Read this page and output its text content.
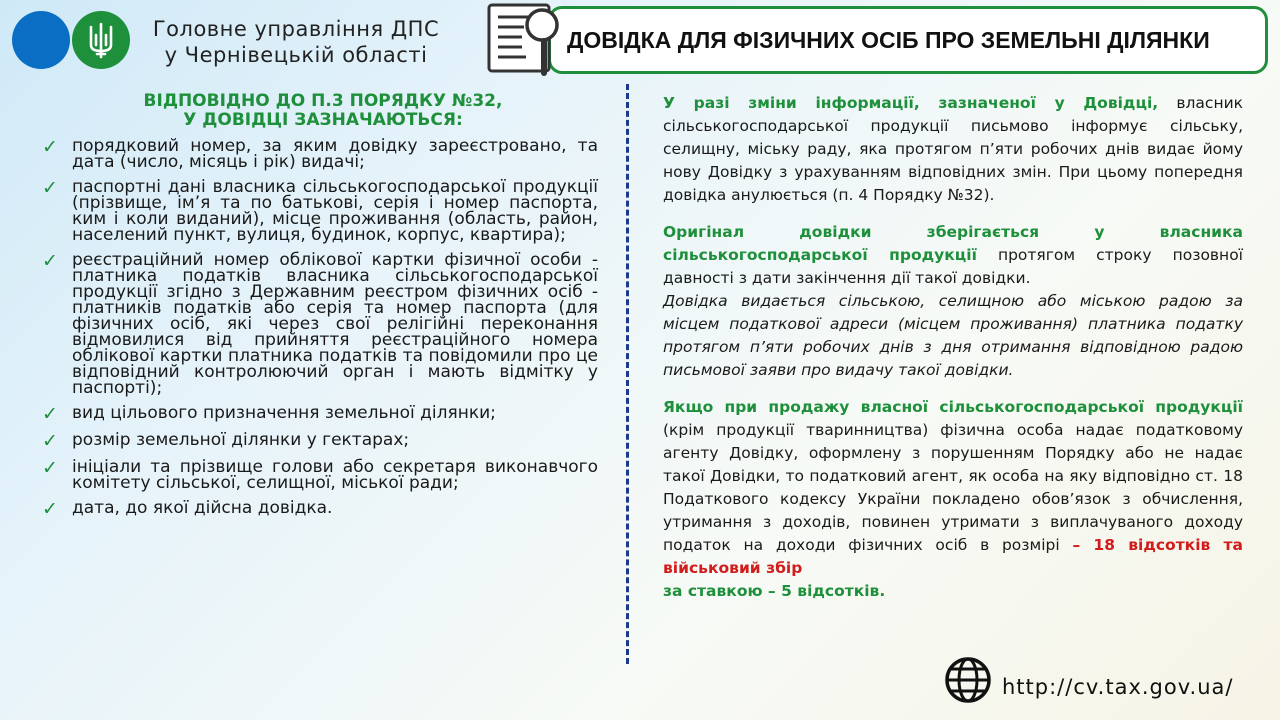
Головне управління ДПС
у Чернівецькій області
ДОВІДКА ДЛЯ ФІЗИЧНИХ ОСІБ ПРО ЗЕМЕЛЬНІ ДІЛЯНКИ
ВІДПОВІДНО ДО П.3 ПОРЯДКУ №32,
У ДОВІДЦІ ЗАЗНАЧАЮТЬСЯ:
✓ порядковий номер, за яким довідку зареєстровано, та дата (число, місяць і рік) видачі;
✓ паспортні дані власника сільськогосподарської продукції (прізвище, ім’я та по батькові, серія і номер паспорта, ким і коли виданий), місце проживання (область, район, населений пункт, вулиця, будинок, корпус, квартира);
✓ реєстраційний номер облікової картки фізичної особи - платника податків власника сільськогосподарської продукції згідно з Державним реєстром фізичних осіб - платників податків або серія та номер паспорта (для фізичних осіб, які через свої релігійні переконання відмовилися від прийняття реєстраційного номера облікової картки платника податків та повідомили про це відповідний контролюючий орган і мають відмітку у паспорті);
✓ вид цільового призначення земельної ділянки;
✓ розмір земельної ділянки у гектарах;
✓ ініціали та прізвище голови або секретаря виконавчого комітету сільської, селищної, міської ради;
✓ дата, до якої дійсна довідка.
У разі зміни інформації, зазначеної у Довідці, власник сільськогосподарської продукції письмово інформує сільську, селищну, міську раду, яка протягом п’яти робочих днів видає йому нову Довідку з урахуванням відповідних змін. При цьому попередня довідка анулюється (п. 4 Порядку №32).
Оригінал довідки зберігається у власника сільськогосподарської продукції протягом строку позовної давності з дати закінчення дії такої довідки.
Довідка видається сільською, селищною або міською радою за місцем податкової адреси (місцем проживання) платника податку протягом п’яти робочих днів з дня отримання відповідною радою письмової заяви про видачу такої довідки.
Якщо при продажу власної сільськогосподарської продукції (крім продукції тваринництва) фізична особа надає податковому агенту Довідку, оформлену з порушенням Порядку або не надає такої Довідки, то податковий агент, як особа на яку відповідно ст. 18 Податкового кодексу України покладено обов’язок з обчислення, утримання з доходів, повинен утримати з виплачуваного доходу податок на доходи фізичних осіб в розмірі – 18 відсотків та військовий збір
за ставкою – 5 відсотків.
http://cv.tax.gov.ua/
